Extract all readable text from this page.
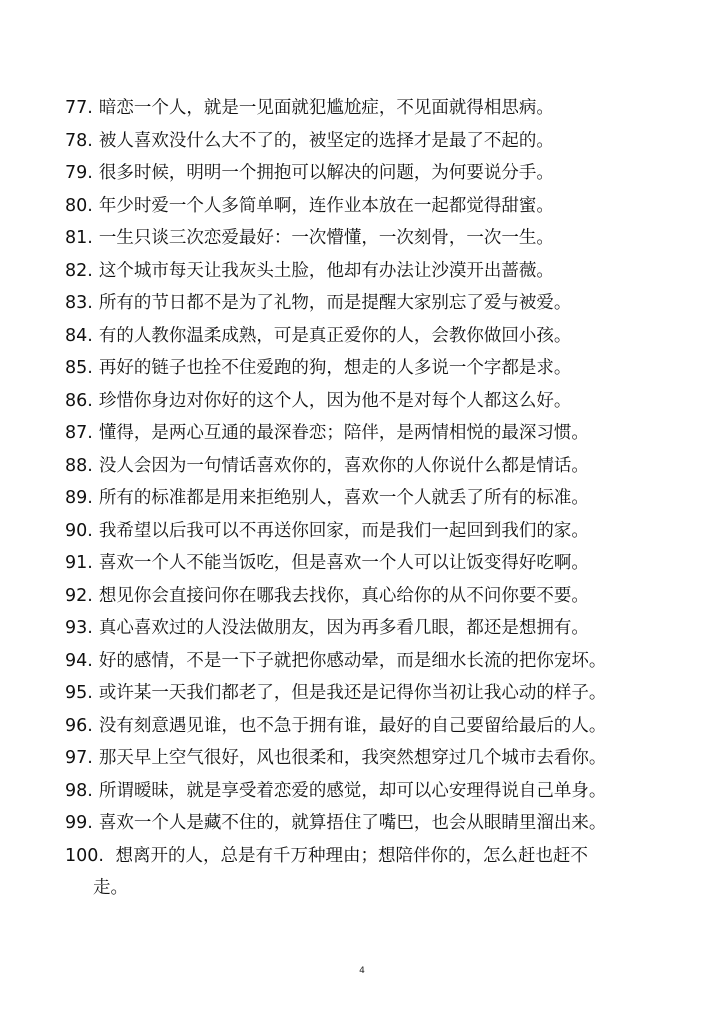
77. 暗恋一个人，就是一见面就犯尴尬症，不见面就得相思病。
78. 被人喜欢没什么大不了的，被坚定的选择才是最了不起的。
79. 很多时候，明明一个拥抱可以解决的问题，为何要说分手。
80. 年少时爱一个人多简单啊，连作业本放在一起都觉得甜蜜。
81. 一生只谈三次恋爱最好：一次懵懂，一次刻骨，一次一生。
82. 这个城市每天让我灰头土脸，他却有办法让沙漠开出蔷薇。
83. 所有的节日都不是为了礼物，而是提醒大家别忘了爱与被爱。
84. 有的人教你温柔成熟，可是真正爱你的人，会教你做回小孩。
85. 再好的链子也拴不住爱跑的狗，想走的人多说一个字都是求。
86. 珍惜你身边对你好的这个人，因为他不是对每个人都这么好。
87. 懂得，是两心互通的最深眷恋；陪伴，是两情相悦的最深习惯。
88. 没人会因为一句情话喜欢你的，喜欢你的人你说什么都是情话。
89. 所有的标准都是用来拒绝别人，喜欢一个人就丢了所有的标准。
90. 我希望以后我可以不再送你回家，而是我们一起回到我们的家。
91. 喜欢一个人不能当饭吃，但是喜欢一个人可以让饭变得好吃啊。
92. 想见你会直接问你在哪我去找你，真心给你的从不问你要不要。
93. 真心喜欢过的人没法做朋友，因为再多看几眼，都还是想拥有。
94. 好的感情，不是一下子就把你感动晕，而是细水长流的把你宠坏。
95. 或许某一天我们都老了，但是我还是记得你当初让我心动的样子。
96. 没有刻意遇见谁，也不急于拥有谁，最好的自己要留给最后的人。
97. 那天早上空气很好，风也很柔和，我突然想穿过几个城市去看你。
98. 所谓暧昧，就是享受着恋爱的感觉，却可以心安理得说自己单身。
99. 喜欢一个人是藏不住的，就算捂住了嘴巴，也会从眼睛里溜出来。
100. 想离开的人，总是有千万种理由；想陪伴你的，怎么赶也赶不
走。
4
